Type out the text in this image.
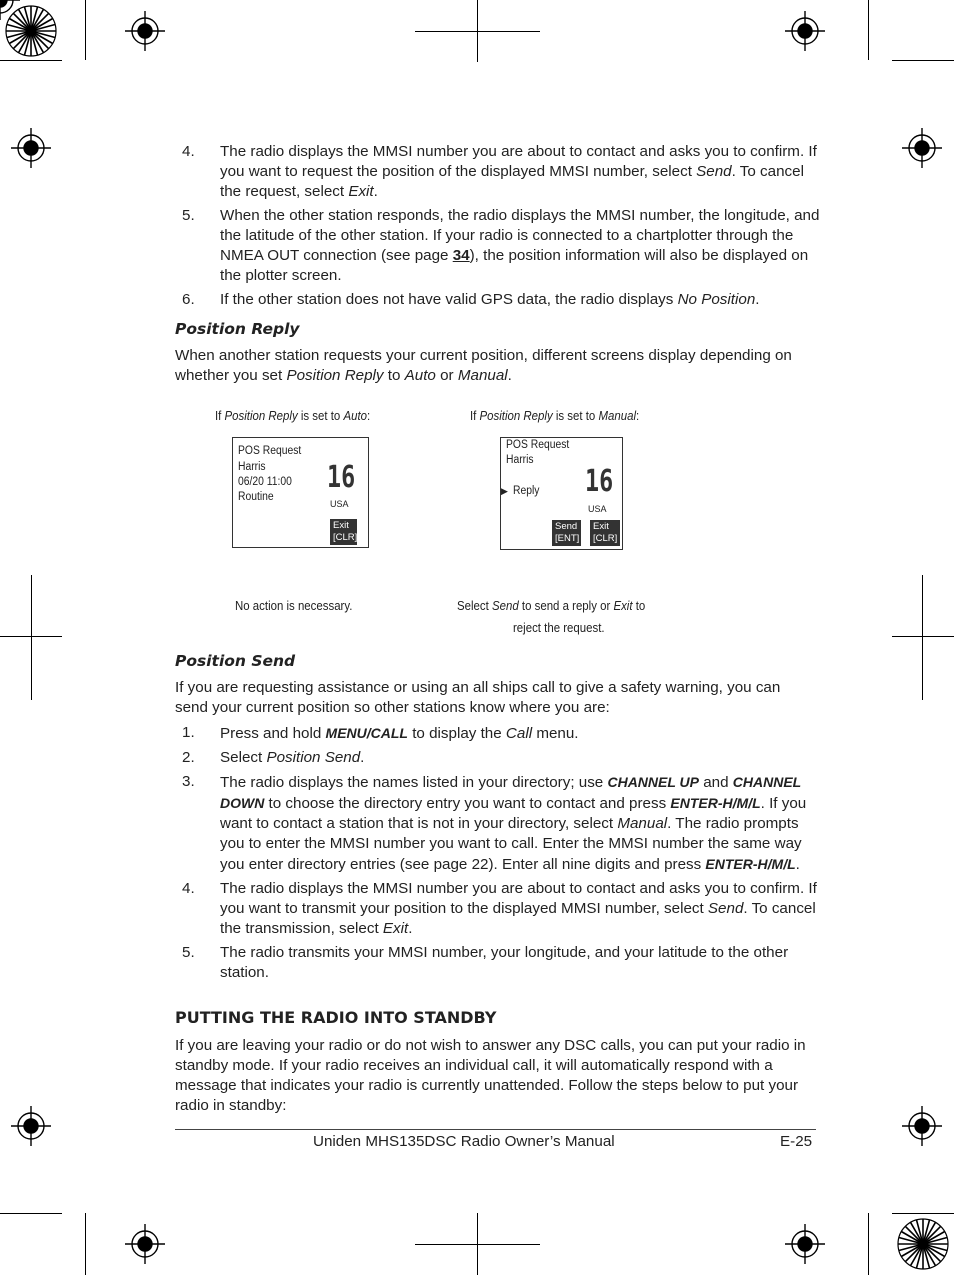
4. The radio displays the MMSI number you are about to contact and asks you to confirm. If you want to request the position of the displayed MMSI number, select Send. To cancel the request, select Exit.
5. When the other station responds, the radio displays the MMSI number, the longitude, and the latitude of the other station. If your radio is connected to a chartplotter through the NMEA OUT connection (see page 34), the position information will also be displayed on the plotter screen.
6. If the other station does not have valid GPS data, the radio displays No Position.
Position Reply
When another station requests your current position, different screens display depending on whether you set Position Reply to Auto or Manual.
If Position Reply is set to Auto:	If Position Reply is set to Manual:
POS Request
Harris
06/20 11:00
Routine
16
USA
Exit
[CLR]
POS Request
Harris
▶ Reply 16
USA
Send
[ENT]
Exit
[CLR]
No action is necessary.	Select Send to send a reply or Exit to
reject the request.
Position Send
If you are requesting assistance or using an all ships call to give a safety warning, you can send your current position so other stations know where you are:
1. Press and hold MENU/CALL to display the Call menu.
2. Select Position Send.
3. The radio displays the names listed in your directory; use CHANNEL UP and CHANNEL DOWN to choose the directory entry you want to contact and press ENTER-H/M/L. If you want to contact a station that is not in your directory, select Manual. The radio prompts you to enter the MMSI number you want to call. Enter the MMSI number the same way you enter directory entries (see page 22). Enter all nine digits and press ENTER-H/M/L.
4. The radio displays the MMSI number you are about to contact and asks you to confirm. If you want to transmit your position to the displayed MMSI number, select Send. To cancel the transmission, select Exit.
5. The radio transmits your MMSI number, your longitude, and your latitude to the other station.
PUTTING THE RADIO INTO STANDBY
If you are leaving your radio or do not wish to answer any DSC calls, you can put your radio in standby mode. If your radio receives an individual call, it will automatically respond with a message that indicates your radio is currently unattended. Follow the steps below to put your radio in standby:
Uniden MHS135DSC Radio Owner’s Manual	E-25
